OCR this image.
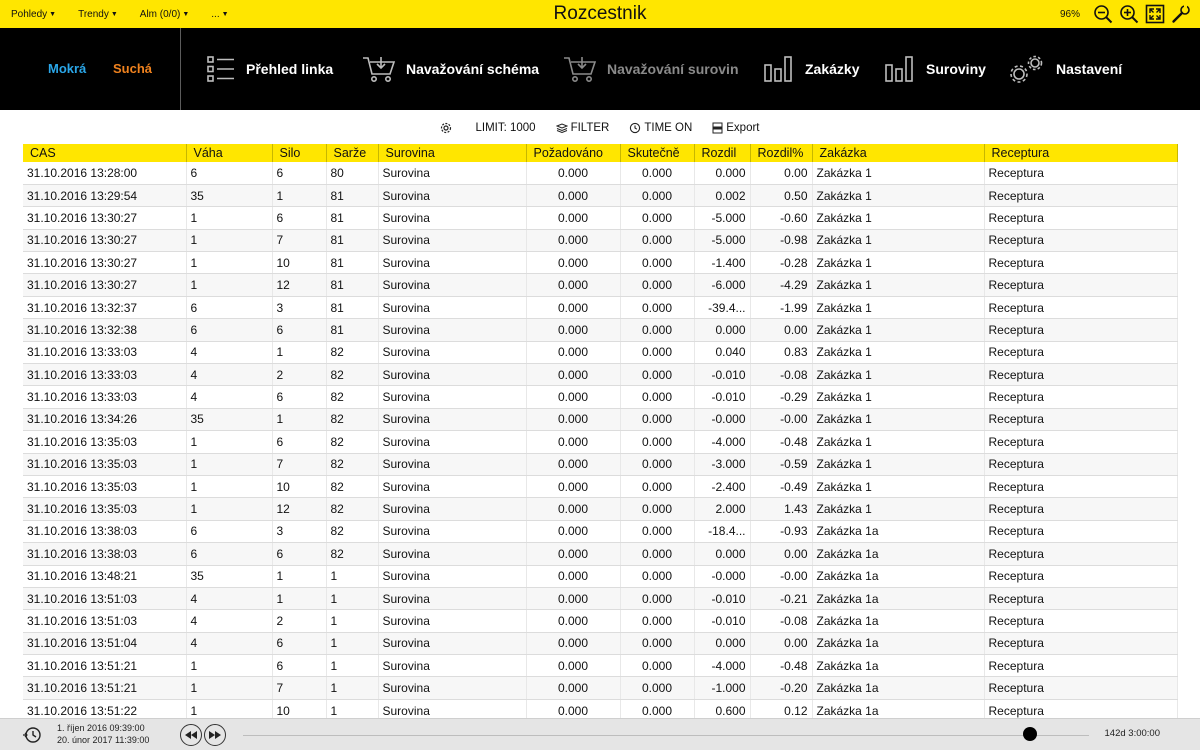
Pohledy ▼ Trendy ▼ Alm (0/0) ▼ ... ▼	Rozcestnik	96%
Mokrá Suchá	Přehled linka	Navažování schéma	Navažování surovin	Zakázky	Suroviny	Nastavení
LIMIT: 1000	FILTER	TIME ON	Export
CAS	Váha	Silo	Sarže	Surovina	Požadováno	Skutečně	Rozdil	Rozdil%	Zakázka	Receptura
31.10.2016 13:28:00	6	6	80	Surovina	0.000	0.000	0.000	0.00	Zakázka 1	Receptura
31.10.2016 13:29:54	35	1	81	Surovina	0.000	0.000	0.002	0.50	Zakázka 1	Receptura
31.10.2016 13:30:27	1	6	81	Surovina	0.000	0.000	-5.000	-0.60	Zakázka 1	Receptura
31.10.2016 13:30:27	1	7	81	Surovina	0.000	0.000	-5.000	-0.98	Zakázka 1	Receptura
31.10.2016 13:30:27	1	10	81	Surovina	0.000	0.000	-1.400	-0.28	Zakázka 1	Receptura
31.10.2016 13:30:27	1	12	81	Surovina	0.000	0.000	-6.000	-4.29	Zakázka 1	Receptura
31.10.2016 13:32:37	6	3	81	Surovina	0.000	0.000	-39.4...	-1.99	Zakázka 1	Receptura
31.10.2016 13:32:38	6	6	81	Surovina	0.000	0.000	0.000	0.00	Zakázka 1	Receptura
31.10.2016 13:33:03	4	1	82	Surovina	0.000	0.000	0.040	0.83	Zakázka 1	Receptura
31.10.2016 13:33:03	4	2	82	Surovina	0.000	0.000	-0.010	-0.08	Zakázka 1	Receptura
31.10.2016 13:33:03	4	6	82	Surovina	0.000	0.000	-0.010	-0.29	Zakázka 1	Receptura
31.10.2016 13:34:26	35	1	82	Surovina	0.000	0.000	-0.000	-0.00	Zakázka 1	Receptura
31.10.2016 13:35:03	1	6	82	Surovina	0.000	0.000	-4.000	-0.48	Zakázka 1	Receptura
31.10.2016 13:35:03	1	7	82	Surovina	0.000	0.000	-3.000	-0.59	Zakázka 1	Receptura
31.10.2016 13:35:03	1	10	82	Surovina	0.000	0.000	-2.400	-0.49	Zakázka 1	Receptura
31.10.2016 13:35:03	1	12	82	Surovina	0.000	0.000	2.000	1.43	Zakázka 1	Receptura
31.10.2016 13:38:03	6	3	82	Surovina	0.000	0.000	-18.4...	-0.93	Zakázka 1a	Receptura
31.10.2016 13:38:03	6	6	82	Surovina	0.000	0.000	0.000	0.00	Zakázka 1a	Receptura
31.10.2016 13:48:21	35	1	1	Surovina	0.000	0.000	-0.000	-0.00	Zakázka 1a	Receptura
31.10.2016 13:51:03	4	1	1	Surovina	0.000	0.000	-0.010	-0.21	Zakázka 1a	Receptura
31.10.2016 13:51:03	4	2	1	Surovina	0.000	0.000	-0.010	-0.08	Zakázka 1a	Receptura
31.10.2016 13:51:04	4	6	1	Surovina	0.000	0.000	0.000	0.00	Zakázka 1a	Receptura
31.10.2016 13:51:21	1	6	1	Surovina	0.000	0.000	-4.000	-0.48	Zakázka 1a	Receptura
31.10.2016 13:51:21	1	7	1	Surovina	0.000	0.000	-1.000	-0.20	Zakázka 1a	Receptura
31.10.2016 13:51:22	1	10	1	Surovina	0.000	0.000	0.600	0.12	Zakázka 1a	Receptura
1. říjen 2016 09:39:00
20. únor 2017 11:39:00
142d 3:00:00
